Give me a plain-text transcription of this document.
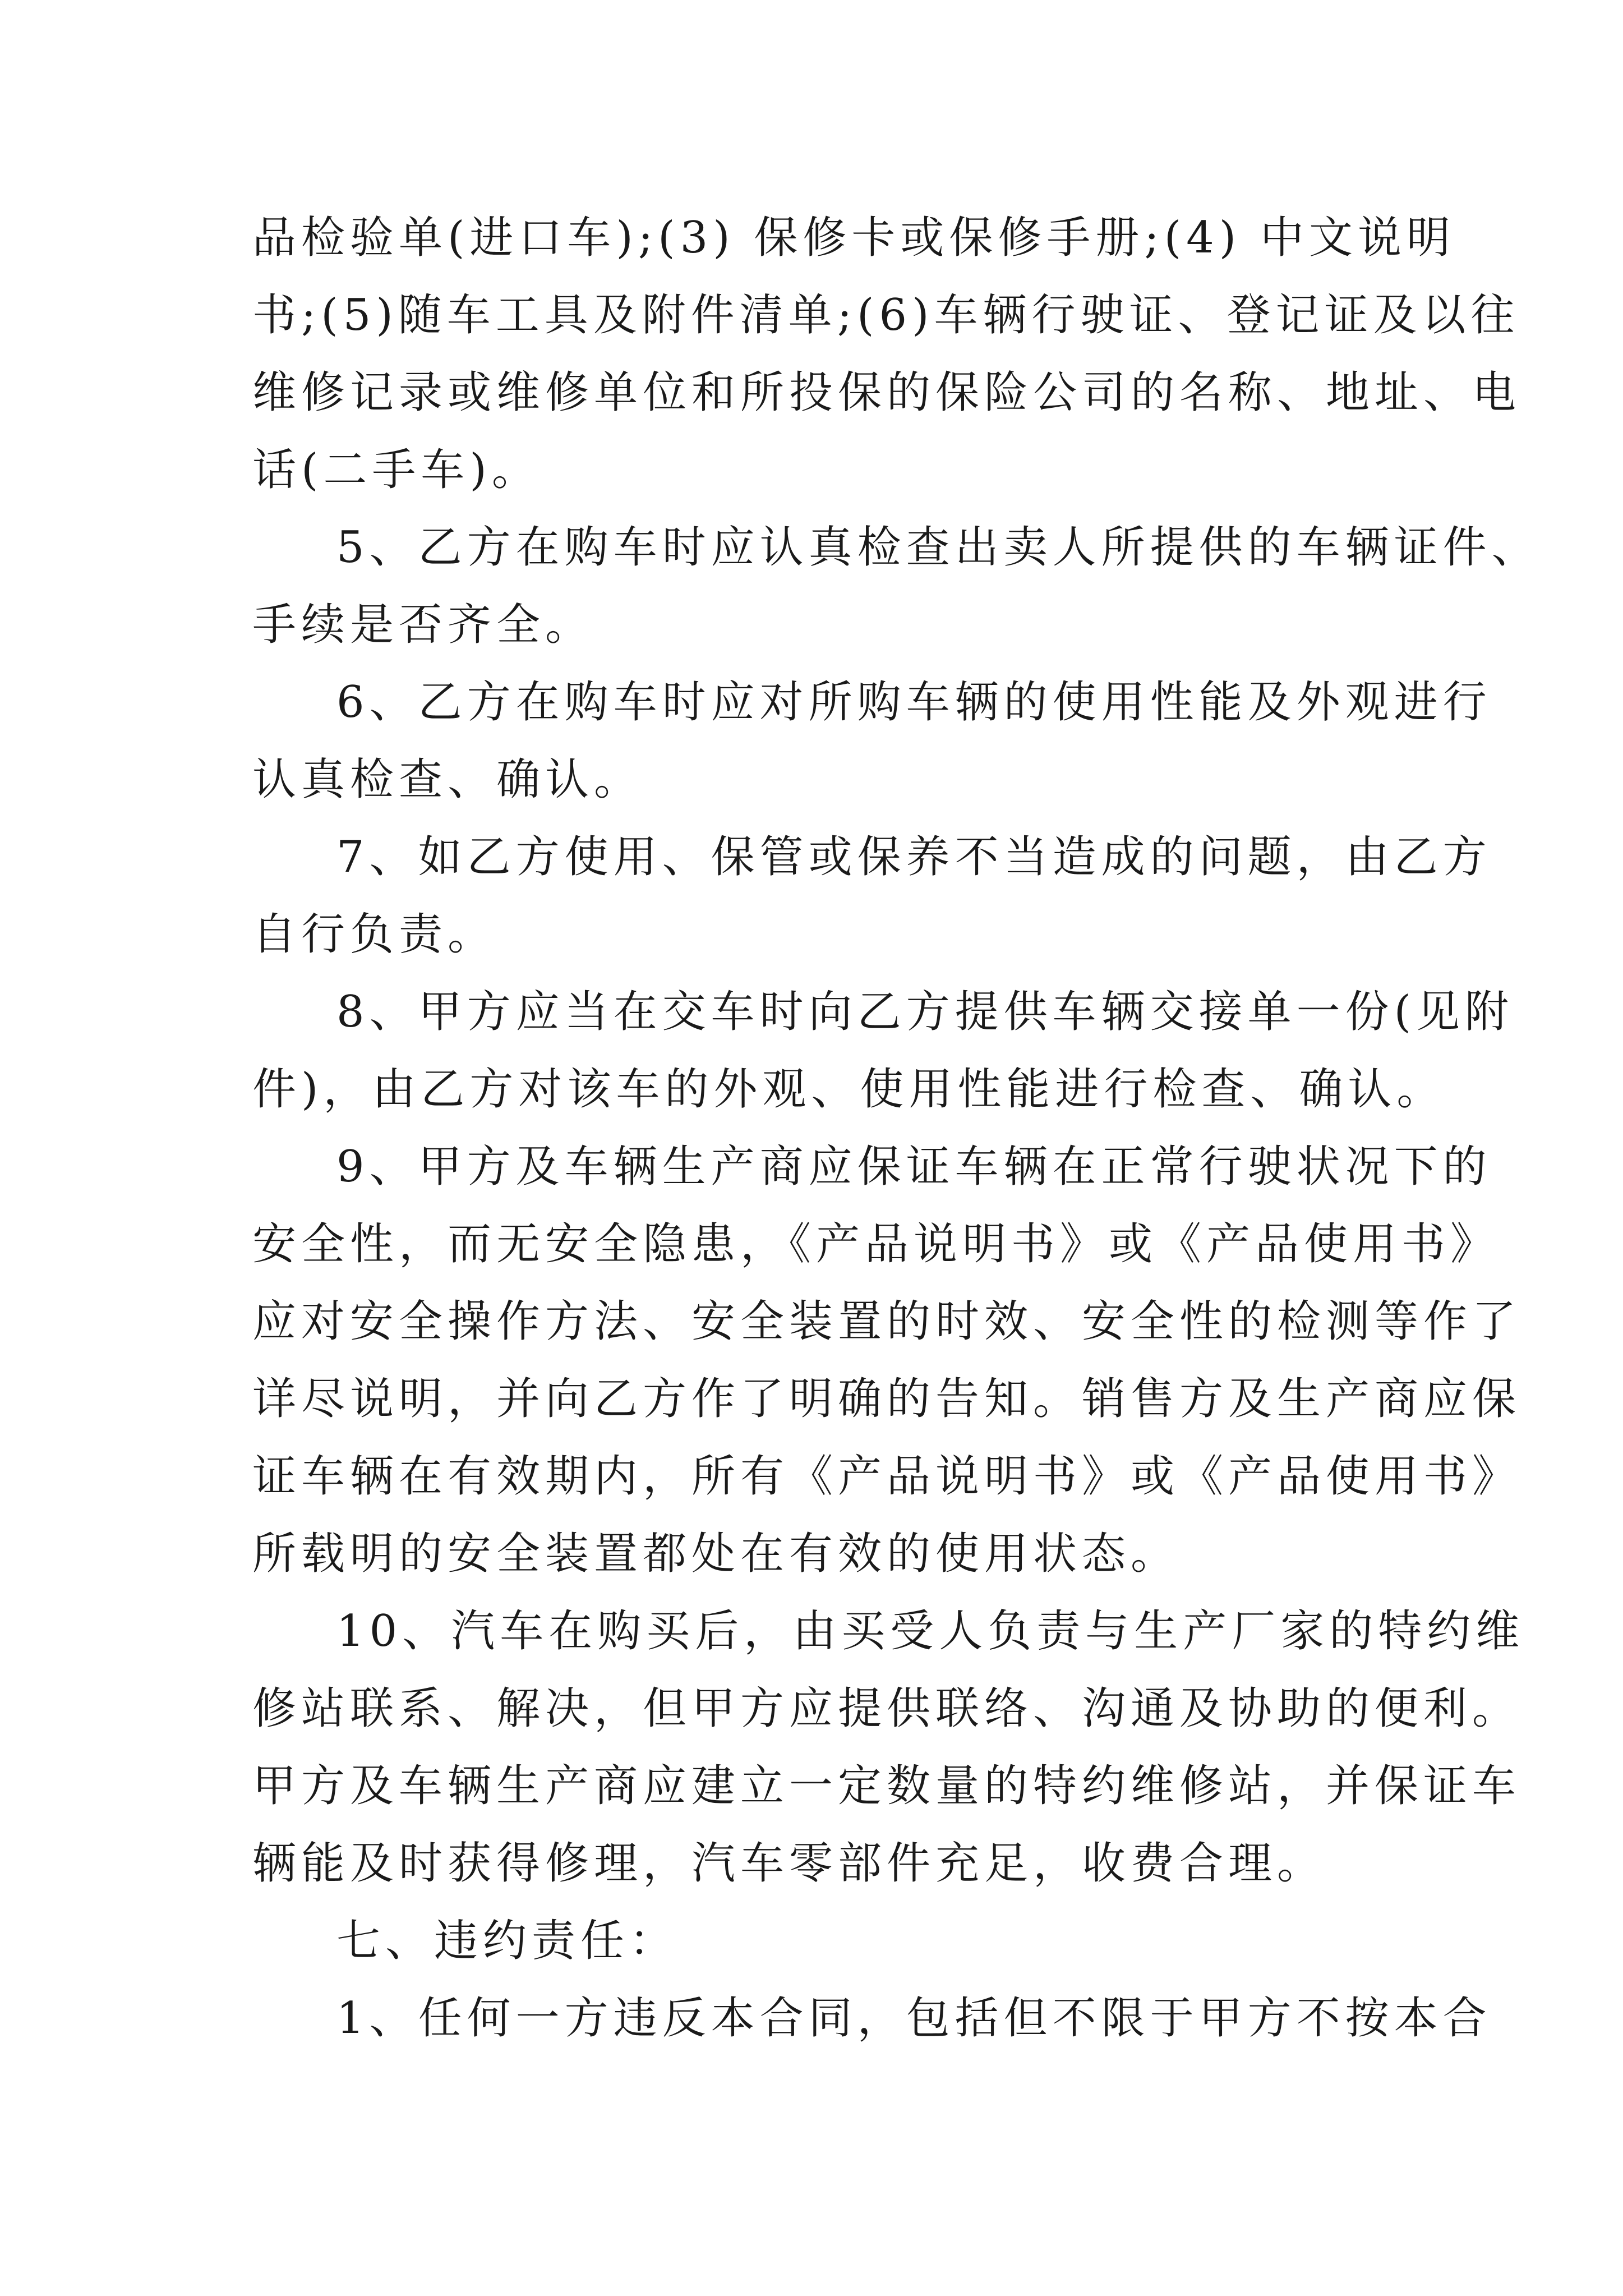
品检验单(进口车);(3) 保修卡或保修手册;(4) 中文说明
书;(5)随车工具及附件清单;(6)车辆行驶证、登记证及以往
维修记录或维修单位和所投保的保险公司的名称、地址、电
话(二手车)。
5、乙方在购车时应认真检查出卖人所提供的车辆证件、
手续是否齐全。
6、乙方在购车时应对所购车辆的使用性能及外观进行
认真检查、确认。
7、如乙方使用、保管或保养不当造成的问题，由乙方
自行负责。
8、甲方应当在交车时向乙方提供车辆交接单一份(见附
件)，由乙方对该车的外观、使用性能进行检查、确认。
9、甲方及车辆生产商应保证车辆在正常行驶状况下的
安全性，而无安全隐患，《产品说明书》或《产品使用书》
应对安全操作方法、安全装置的时效、安全性的检测等作了
详尽说明，并向乙方作了明确的告知。销售方及生产商应保
证车辆在有效期内，所有《产品说明书》或《产品使用书》
所载明的安全装置都处在有效的使用状态。
10、汽车在购买后，由买受人负责与生产厂家的特约维
修站联系、解决，但甲方应提供联络、沟通及协助的便利。
甲方及车辆生产商应建立一定数量的特约维修站，并保证车
辆能及时获得修理，汽车零部件充足，收费合理。
七、违约责任：
1、任何一方违反本合同，包括但不限于甲方不按本合
